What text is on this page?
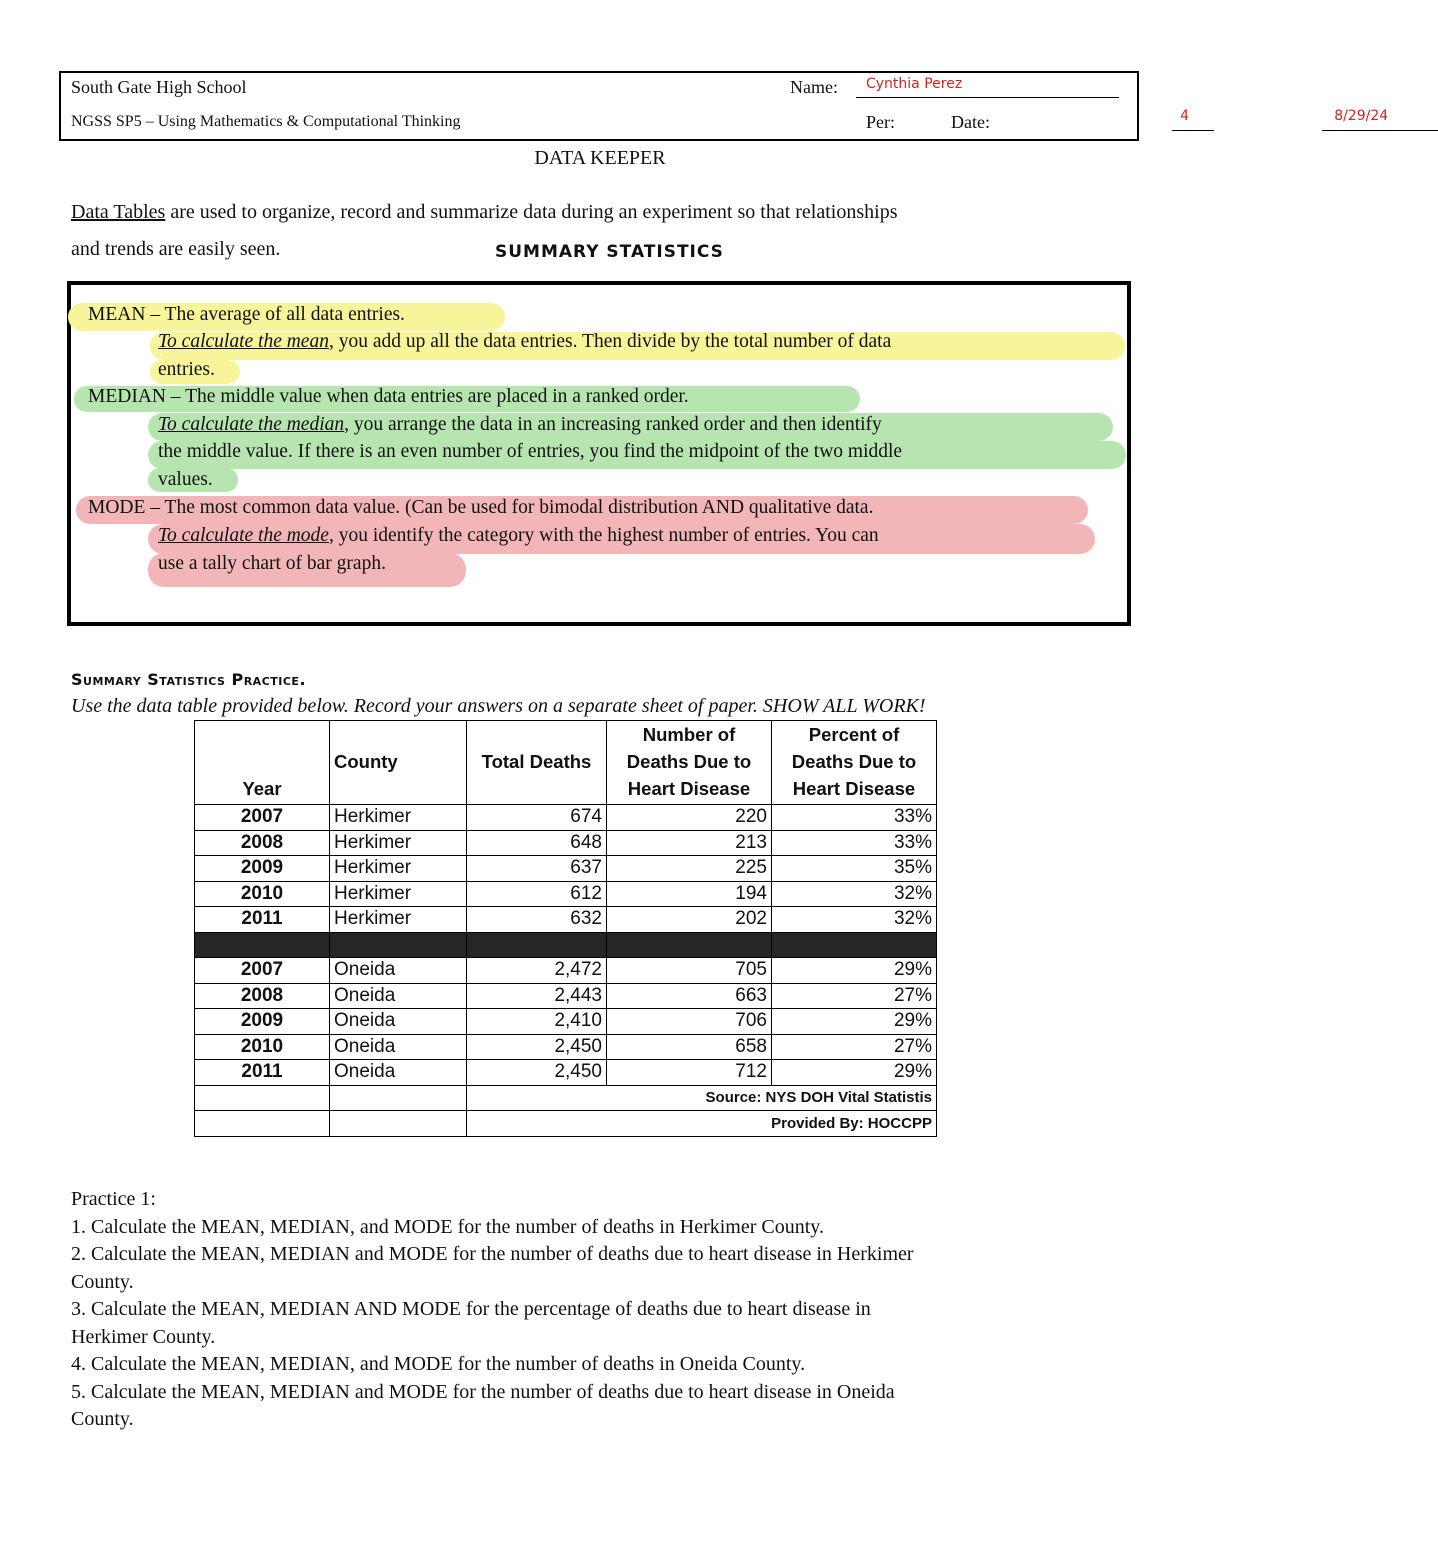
South Gate High School
NGSS SP5 – Using Mathematics & Computational Thinking
Name: Cynthia Perez

Per:	4

Date:	8/29/24
DATA KEEPER
Data Tables are used to organize, record and summarize data during an experiment so that relationships
and trends are easily seen.	SUMMARY STATISTICS
MEAN – The average of all data entries.
To calculate the mean, you add up all the data entries. Then divide by the total number of data
entries.
MEDIAN – The middle value when data entries are placed in a ranked order.
To calculate the median, you arrange the data in an increasing ranked order and then identify
the middle value. If there is an even number of entries, you find the midpoint of the two middle
values.
MODE – The most common data value. (Can be used for bimodal distribution AND qualitative data.
To calculate the mode, you identify the category with the highest number of entries. You can
use a tally chart of bar graph.
Summary Statistics Practice.
Use the data table provided below. Record your answers on a separate sheet of paper. SHOW ALL WORK!
Year	County	Total Deaths	Number of Deaths Due to Heart Disease	Percent of Deaths Due to Heart Disease
2007	Herkimer	674	220	33%
2008	Herkimer	648	213	33%
2009	Herkimer	637	225	35%
2010	Herkimer	612	194	32%
2011	Herkimer	632	202	32%

2007	Oneida	2,472	705	29%
2008	Oneida	2,443	663	27%
2009	Oneida	2,410	706	29%
2010	Oneida	2,450	658	27%
2011	Oneida	2,450	712	29%
		Source: NYS DOH Vital Statistis		
		Provided By: HOCCPP		
Practice 1:
1. Calculate the MEAN, MEDIAN, and MODE for the number of deaths in Herkimer County.
2. Calculate the MEAN, MEDIAN and MODE for the number of deaths due to heart disease in Herkimer
County.
3. Calculate the MEAN, MEDIAN AND MODE for the percentage of deaths due to heart disease in
Herkimer County.
4. Calculate the MEAN, MEDIAN, and MODE for the number of deaths in Oneida County.
5. Calculate the MEAN, MEDIAN and MODE for the number of deaths due to heart disease in Oneida
County.
